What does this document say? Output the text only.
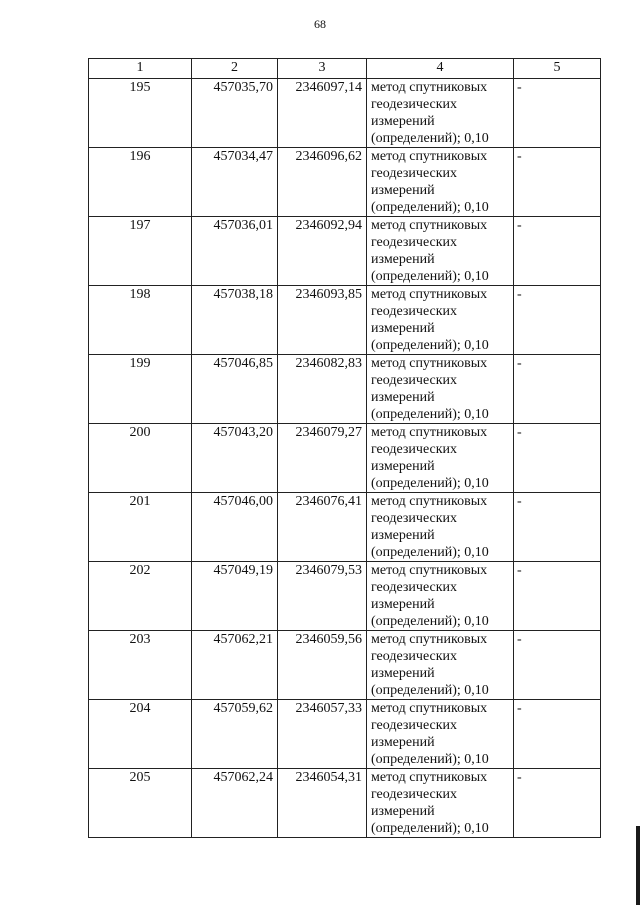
68
1	2	3	4	5
195	457035,70	2346097,14	метод спутниковых
геодезических
измерений
(определений); 0,10	-
196	457034,47	2346096,62	метод спутниковых
геодезических
измерений
(определений); 0,10	-
197	457036,01	2346092,94	метод спутниковых
геодезических
измерений
(определений); 0,10	-
198	457038,18	2346093,85	метод спутниковых
геодезических
измерений
(определений); 0,10	-
199	457046,85	2346082,83	метод спутниковых
геодезических
измерений
(определений); 0,10	-
200	457043,20	2346079,27	метод спутниковых
геодезических
измерений
(определений); 0,10	-
201	457046,00	2346076,41	метод спутниковых
геодезических
измерений
(определений); 0,10	-
202	457049,19	2346079,53	метод спутниковых
геодезических
измерений
(определений); 0,10	-
203	457062,21	2346059,56	метод спутниковых
геодезических
измерений
(определений); 0,10	-
204	457059,62	2346057,33	метод спутниковых
геодезических
измерений
(определений); 0,10	-
205	457062,24	2346054,31	метод спутниковых
геодезических
измерений
(определений); 0,10	-
